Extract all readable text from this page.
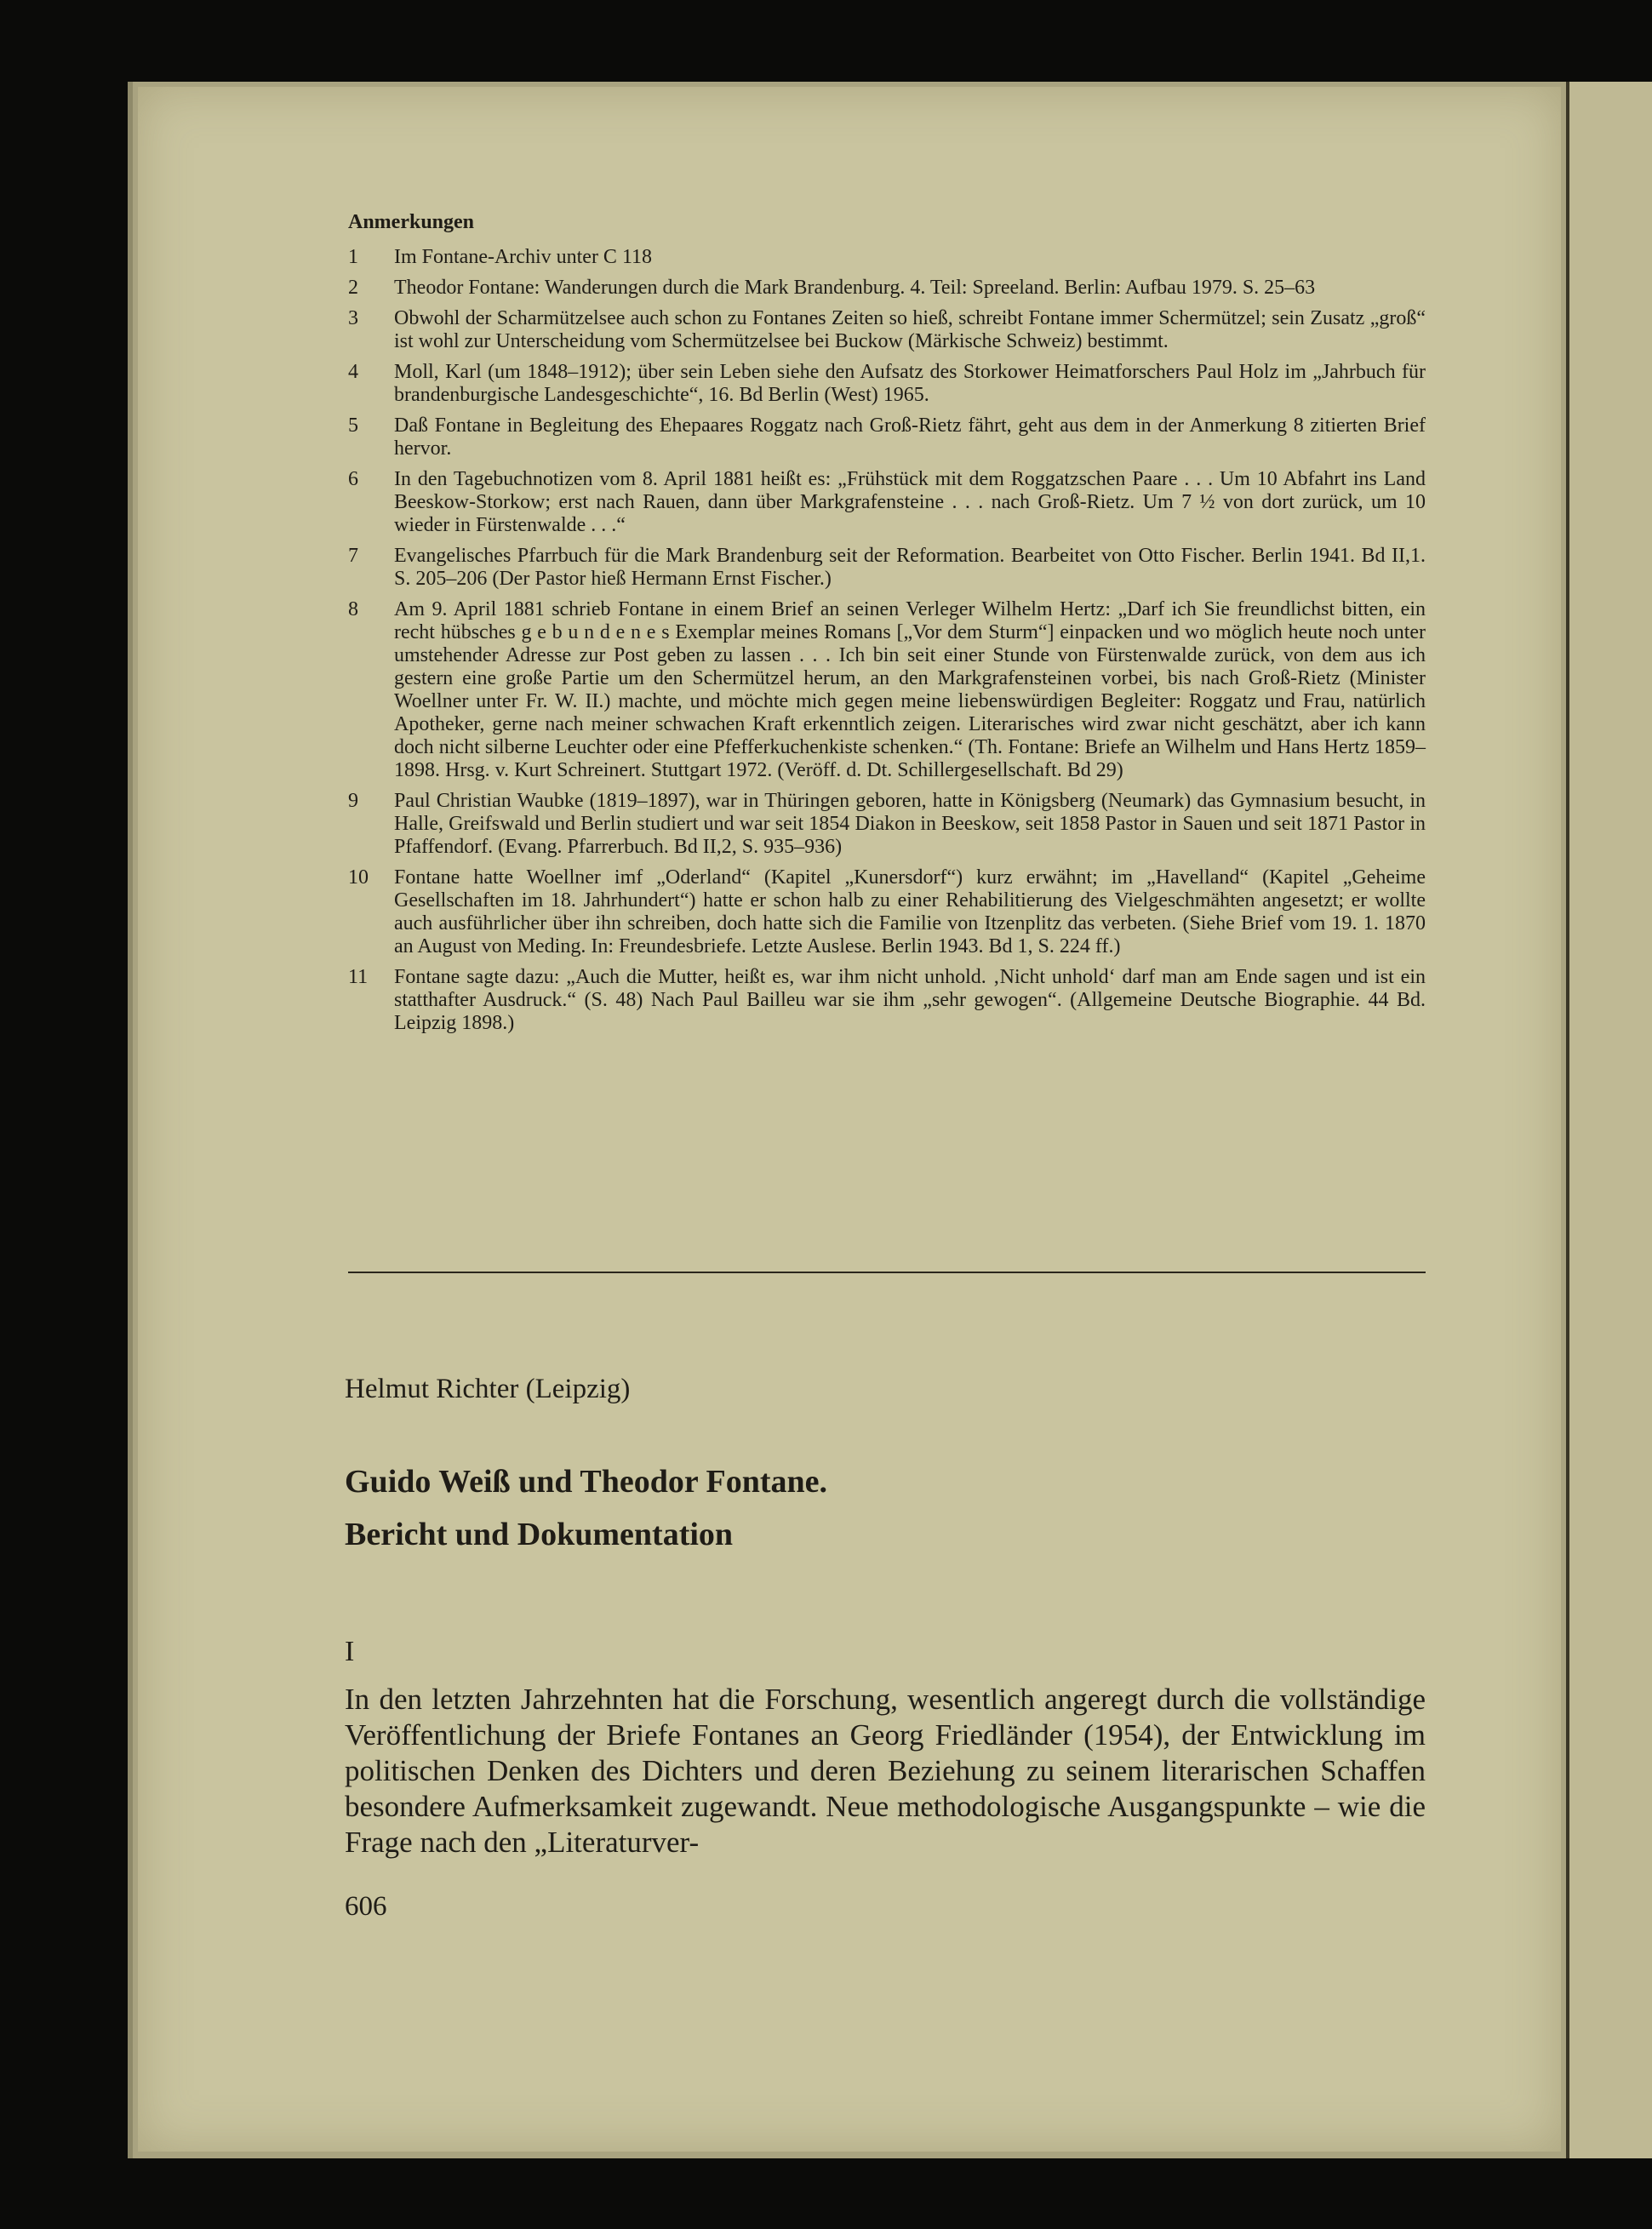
Anmerkungen
1	Im Fontane-Archiv unter C 118
2	Theodor Fontane: Wanderungen durch die Mark Brandenburg. 4. Teil: Spreeland. Berlin: Aufbau 1979. S. 25–63
3	Obwohl der Scharmützelsee auch schon zu Fontanes Zeiten so hieß, schreibt Fontane immer Schermützel; sein Zusatz „groß“ ist wohl zur Unterscheidung vom Schermützelsee bei Buckow (Märkische Schweiz) bestimmt.
4	Moll, Karl (um 1848–1912); über sein Leben siehe den Aufsatz des Storkower Heimatforschers Paul Holz im „Jahrbuch für brandenburgische Landesgeschichte“, 16. Bd Berlin (West) 1965.
5	Daß Fontane in Begleitung des Ehepaares Roggatz nach Groß-Rietz fährt, geht aus dem in der Anmerkung 8 zitierten Brief hervor.
6	In den Tagebuchnotizen vom 8. April 1881 heißt es: „Frühstück mit dem Roggatzschen Paare . . . Um 10 Abfahrt ins Land Beeskow-Storkow; erst nach Rauen, dann über Markgrafensteine . . . nach Groß-Rietz. Um 7 ½ von dort zurück, um 10 wieder in Fürstenwalde . . .“
7	Evangelisches Pfarrbuch für die Mark Brandenburg seit der Reformation. Bearbeitet von Otto Fischer. Berlin 1941. Bd II,1. S. 205–206 (Der Pastor hieß Hermann Ernst Fischer.)
8	Am 9. April 1881 schrieb Fontane in einem Brief an seinen Verleger Wilhelm Hertz: „Darf ich Sie freundlichst bitten, ein recht hübsches g e b u n d e n e s Exemplar meines Romans [„Vor dem Sturm“] einpacken und wo möglich heute noch unter umstehender Adresse zur Post geben zu lassen . . . Ich bin seit einer Stunde von Fürstenwalde zurück, von dem aus ich gestern eine große Partie um den Schermützel herum, an den Markgrafensteinen vorbei, bis nach Groß-Rietz (Minister Woellner unter Fr. W. II.) machte, und möchte mich gegen meine liebenswürdigen Begleiter: Roggatz und Frau, natürlich Apotheker, gerne nach meiner schwachen Kraft erkenntlich zeigen. Literarisches wird zwar nicht geschätzt, aber ich kann doch nicht silberne Leuchter oder eine Pfefferkuchenkiste schenken.“ (Th. Fontane: Briefe an Wilhelm und Hans Hertz 1859–1898. Hrsg. v. Kurt Schreinert. Stuttgart 1972. (Veröff. d. Dt. Schillergesellschaft. Bd 29)
9	Paul Christian Waubke (1819–1897), war in Thüringen geboren, hatte in Königsberg (Neumark) das Gymnasium besucht, in Halle, Greifswald und Berlin studiert und war seit 1854 Diakon in Beeskow, seit 1858 Pastor in Sauen und seit 1871 Pastor in Pfaffendorf. (Evang. Pfarrerbuch. Bd II,2, S. 935–936)
10	Fontane hatte Woellner imf „Oderland“ (Kapitel „Kunersdorf“) kurz erwähnt; im „Havelland“ (Kapitel „Geheime Gesellschaften im 18. Jahrhundert“) hatte er schon halb zu einer Rehabilitierung des Vielgeschmähten angesetzt; er wollte auch ausführlicher über ihn schreiben, doch hatte sich die Familie von Itzenplitz das verbeten. (Siehe Brief vom 19. 1. 1870 an August von Meding. In: Freundesbriefe. Letzte Auslese. Berlin 1943. Bd 1, S. 224 ff.)
11	Fontane sagte dazu: „Auch die Mutter, heißt es, war ihm nicht unhold. ‚Nicht unhold‘ darf man am Ende sagen und ist ein statthafter Ausdruck.“ (S. 48) Nach Paul Bailleu war sie ihm „sehr gewogen“. (Allgemeine Deutsche Biographie. 44 Bd. Leipzig 1898.)
Helmut Richter (Leipzig)
Guido Weiß und Theodor Fontane.
Bericht und Dokumentation
I
In den letzten Jahrzehnten hat die Forschung, wesentlich angeregt durch die vollständige Veröffentlichung der Briefe Fontanes an Georg Friedländer (1954), der Entwicklung im politischen Denken des Dichters und deren Beziehung zu seinem literarischen Schaffen besondere Aufmerksamkeit zugewandt. Neue methodologische Ausgangspunkte – wie die Frage nach den „Literaturver-
606
